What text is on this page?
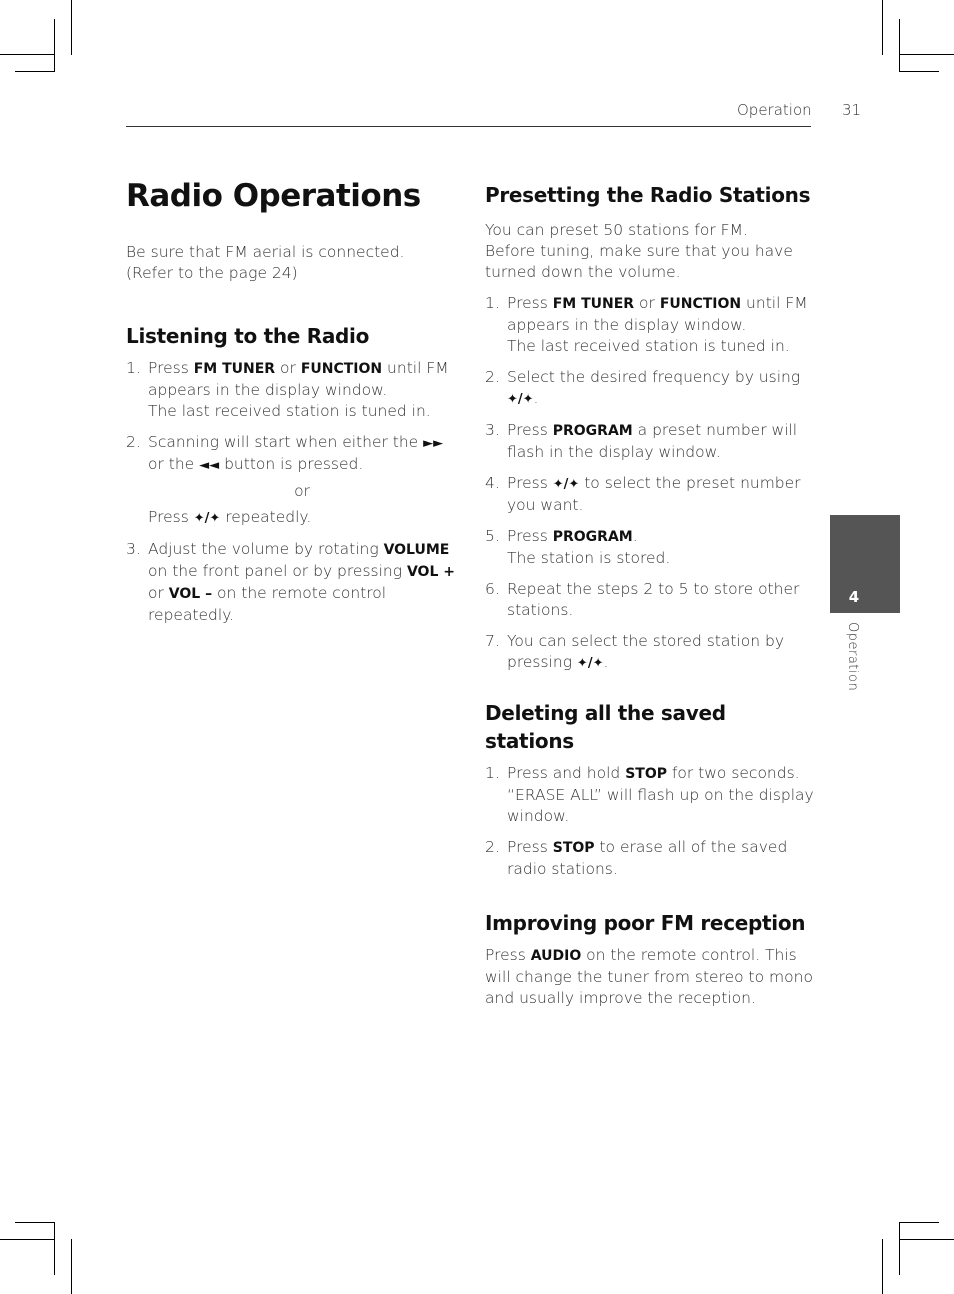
Operation 31
Radio Operations

Be sure that FM aerial is connected. (Refer to the page 24)

Listening to the Radio
1. Press FM TUNER or FUNCTION until FM appears in the display window.
The last received station is tuned in.
2. Scanning will start when either the ►► or the ◄◄ button is pressed.
or
Press ✦/✦ repeatedly.
3. Adjust the volume by rotating VOLUME on the front panel or by pressing VOL + or VOL – on the remote control repeatedly.
Presetting the Radio Stations

You can preset 50 stations for FM.

Before tuning, make sure that you have turned down the volume.

1. Press FM TUNER or FUNCTION until FM appears in the display window.
The last received station is tuned in.
2. Select the desired frequency by using ✦/✦.
3. Press PROGRAM a preset number will flash in the display window.
4. Press ✦/✦ to select the preset number you want.
5. Press PROGRAM.
The station is stored.
6. Repeat the steps 2 to 5 to store other stations.
7. You can select the stored station by pressing ✦/✦.
Deleting all the saved stations
1. Press and hold STOP for two seconds. “ERASE ALL” will flash up on the display window.
2. Press STOP to erase all of the saved radio stations.
Improving poor FM reception

Press AUDIO on the remote control. This will change the tuner from stereo to mono and usually improve the reception.

4
Operation
